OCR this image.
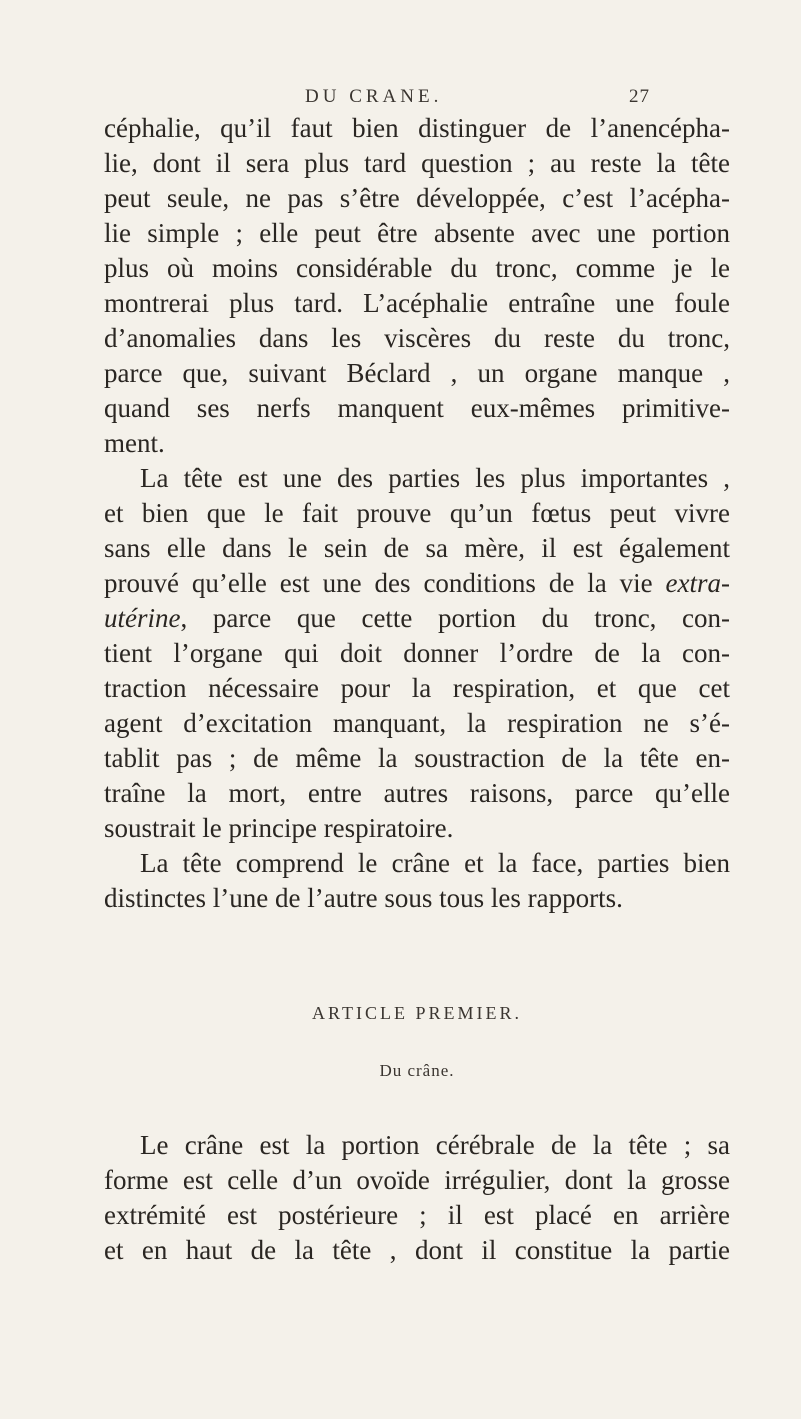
DU CRANE.	27
céphalie, qu’il faut bien distinguer de l’anencépha-
lie, dont il sera plus tard question ; au reste la tête
peut seule, ne pas s’être développée, c’est l’acépha-
lie simple ; elle peut être absente avec une portion
plus où moins considérable du tronc, comme je le
montrerai plus tard. L’acéphalie entraîne une foule
d’anomalies dans les viscères du reste du tronc,
parce que, suivant Béclard , un organe manque ,
quand ses nerfs manquent eux-mêmes primitive-
ment.
La tête est une des parties les plus importantes ,
et bien que le fait prouve qu’un fœtus peut vivre
sans elle dans le sein de sa mère, il est également
prouvé qu’elle est une des conditions de la vie extra-
utérine, parce que cette portion du tronc, con-
tient l’organe qui doit donner l’ordre de la con-
traction nécessaire pour la respiration, et que cet
agent d’excitation manquant, la respiration ne s’é-
tablit pas ; de même la soustraction de la tête en-
traîne la mort, entre autres raisons, parce qu’elle
soustrait le principe respiratoire.
La tête comprend le crâne et la face, parties bien
distinctes l’une de l’autre sous tous les rapports.
ARTICLE PREMIER.
Du crâne.
Le crâne est la portion cérébrale de la tête ; sa
forme est celle d’un ovoïde irrégulier, dont la grosse
extrémité est postérieure ; il est placé en arrière
et en haut de la tête , dont il constitue la partie
